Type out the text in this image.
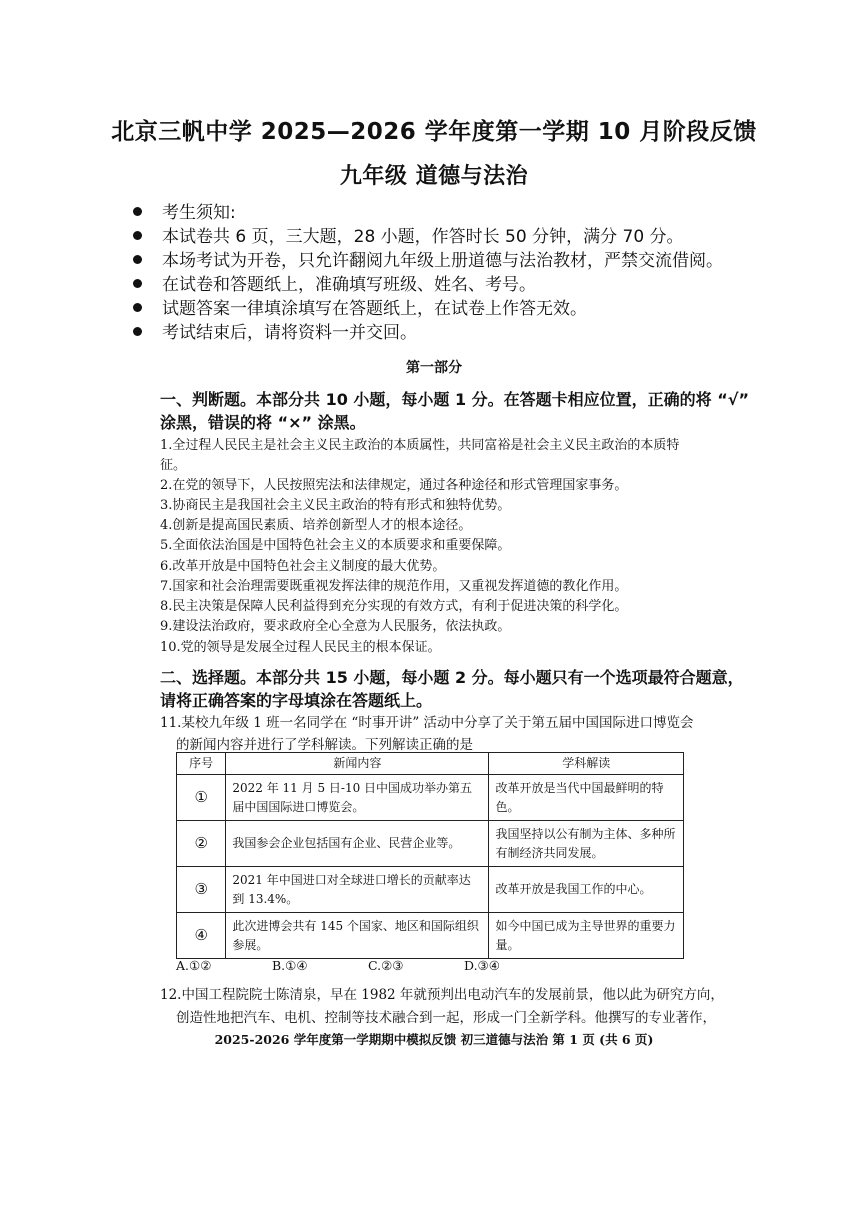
北京三帆中学 2025—2026 学年度第一学期 10 月阶段反馈
九年级 道德与法治
考生须知:
本试卷共 6 页，三大题，28 小题，作答时长 50 分钟，满分 70 分。
本场考试为开卷，只允许翻阅九年级上册道德与法治教材，严禁交流借阅。
在试卷和答题纸上，准确填写班级、姓名、考号。
试题答案一律填涂填写在答题纸上，在试卷上作答无效。
考试结束后，请将资料一并交回。
第一部分
一、判断题。本部分共 10 小题，每小题 1 分。在答题卡相应位置，正确的将 “√”
涂黑，错误的将 “×” 涂黑。
1.全过程人民民主是社会主义民主政治的本质属性，共同富裕是社会主义民主政治的本质特
征。
2.在党的领导下，人民按照宪法和法律规定，通过各种途径和形式管理国家事务。
3.协商民主是我国社会主义民主政治的特有形式和独特优势。
4.创新是提高国民素质、培养创新型人才的根本途径。
5.全面依法治国是中国特色社会主义的本质要求和重要保障。
6.改革开放是中国特色社会主义制度的最大优势。
7.国家和社会治理需要既重视发挥法律的规范作用，又重视发挥道德的教化作用。
8.民主决策是保障人民利益得到充分实现的有效方式，有利于促进决策的科学化。
9.建设法治政府，要求政府全心全意为人民服务，依法执政。
10.党的领导是发展全过程人民民主的根本保证。
二、选择题。本部分共 15 小题，每小题 2 分。每小题只有一个选项最符合题意，
请将正确答案的字母填涂在答题纸上。
11.某校九年级 1 班一名同学在 “时事开讲” 活动中分享了关于第五届中国国际进口博览会
的新闻内容并进行了学科解读。下列解读正确的是
序号	新闻内容	学科解读
①	2022 年 11 月 5 日-10 日中国成功举办第五届中国国际进口博览会。	改革开放是当代中国最鲜明的特色。
②	我国参会企业包括国有企业、民营企业等。	我国坚持以公有制为主体、多种所有制经济共同发展。
③	2021 年中国进口对全球进口增长的贡献率达到 13.4%。	改革开放是我国工作的中心。
④	此次进博会共有 145 个国家、地区和国际组织参展。	如今中国已成为主导世界的重要力量。
A.①②	B.①④	C.②③	D.③④
12.中国工程院院士陈清泉，早在 1982 年就预判出电动汽车的发展前景，他以此为研究方向，
创造性地把汽车、电机、控制等技术融合到一起，形成一门全新学科。他撰写的专业著作，
2025-2026 学年度第一学期期中模拟反馈 初三道德与法治 第 1 页 (共 6 页)
